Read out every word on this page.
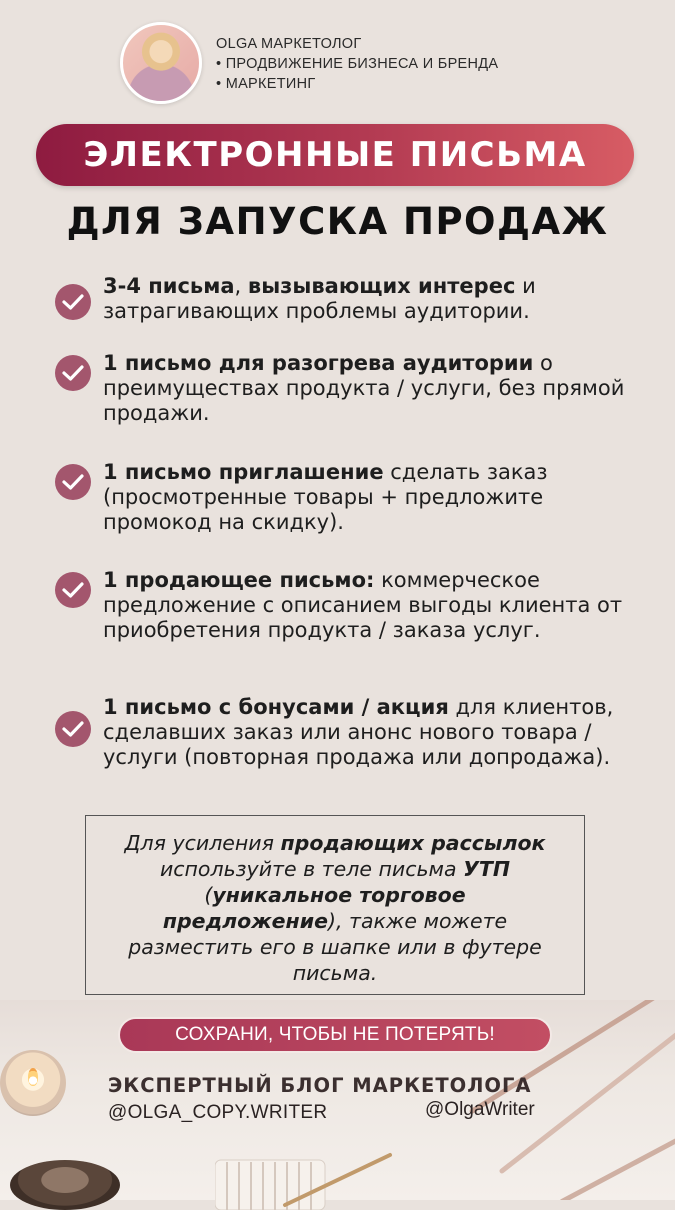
OLGA МАРКЕТОЛОГ
• ПРОДВИЖЕНИЕ БИЗНЕСА И БРЕНДА
• МАРКЕТИНГ
ЭЛЕКТРОННЫЕ ПИСЬМА
ДЛЯ ЗАПУСКА ПРОДАЖ
3-4 письма, вызывающих интерес и затрагивающих проблемы аудитории.
1 письмо для разогрева аудитории о преимуществах продукта / услуги, без прямой продажи.
1 письмо приглашение сделать заказ (просмотренные товары + предложите промокод на скидку).
1 продающее письмо: коммерческое предложение с описанием выгоды клиента от приобретения продукта / заказа услуг.
1 письмо с бонусами / акция для клиентов, сделавших заказ или анонс нового товара / услуги (повторная продажа или допродажа).
Для усиления продающих рассылок используйте в теле письма УТП (уникальное торговое предложение), также можете разместить его в шапке или в футере письма.
СОХРАНИ, ЧТОБЫ НЕ ПОТЕРЯТЬ!
ЭКСПЕРТНЫЙ БЛОГ МАРКЕТОЛОГА
@OLGA_COPY.WRITER	@OlgaWriter
